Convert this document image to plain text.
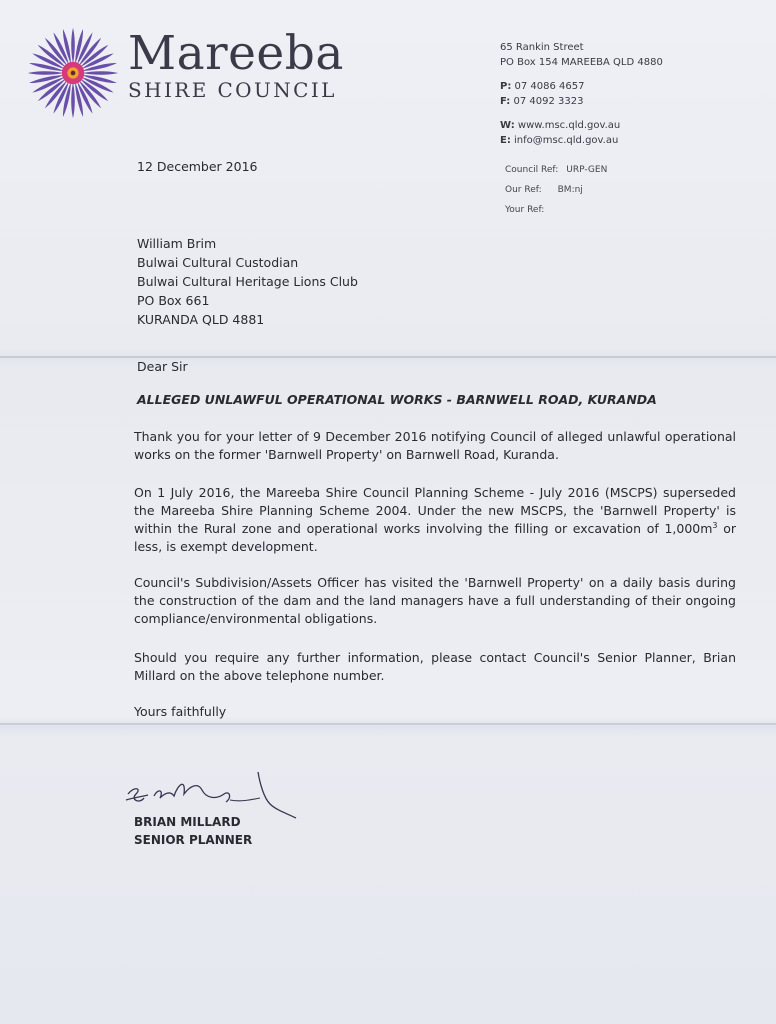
Mareeba
SHIRE COUNCIL
65 Rankin Street
PO Box 154 MAREEBA QLD 4880
P: 07 4086 4657
F: 07 4092 3323
W: www.msc.qld.gov.au
E: info@msc.qld.gov.au
Council Ref: URP-GEN
Our Ref: BM:nj
Your Ref:
12 December 2016
William Brim
Bulwai Cultural Custodian
Bulwai Cultural Heritage Lions Club
PO Box 661
KURANDA QLD 4881
Dear Sir
ALLEGED UNLAWFUL OPERATIONAL WORKS - BARNWELL ROAD, KURANDA
Thank you for your letter of 9 December 2016 notifying Council of alleged unlawful operational works on the former 'Barnwell Property' on Barnwell Road, Kuranda.
On 1 July 2016, the Mareeba Shire Council Planning Scheme - July 2016 (MSCPS) superseded the Mareeba Shire Planning Scheme 2004. Under the new MSCPS, the 'Barnwell Property' is within the Rural zone and operational works involving the filling or excavation of $1,000m^3$ or less, is exempt development.
Council's Subdivision/Assets Officer has visited the 'Barnwell Property' on a daily basis during the construction of the dam and the land managers have a full understanding of their ongoing compliance/environmental obligations.
Should you require any further information, please contact Council's Senior Planner, Brian Millard on the above telephone number.
Yours faithfully
BRIAN MILLARD
SENIOR PLANNER
